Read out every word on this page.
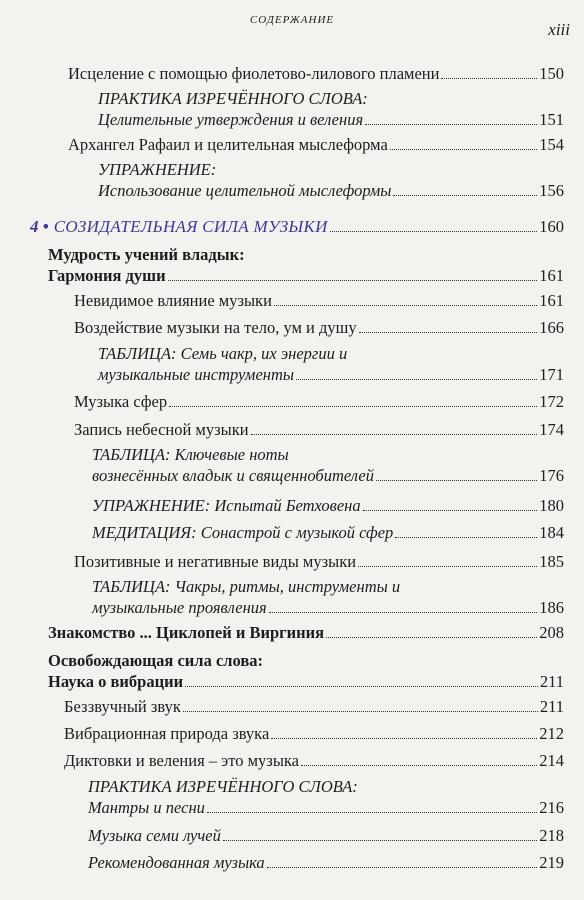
СОДЕРЖАНИЕ	xiii
Исцеление с помощью фиолетово-лилового пламени	150
ПРАКТИКА ИЗРЕЧЁННОГО СЛОВА:
Целительные утверждения и веления	151
Архангел Рафаил и целительная мыслеформа	154
УПРАЖНЕНИЕ:
Использование целительной мыслеформы	156
4 • СОЗИДАТЕЛЬНАЯ СИЛА МУЗЫКИ	160
Мудрость учений владык:
Гармония души	161
Невидимое влияние музыки	161
Воздействие музыки на тело, ум и душу	166
ТАБЛИЦА: Семь чакр, их энергии и
музыкальные инструменты	171
Музыка сфер	172
Запись небесной музыки	174
ТАБЛИЦА: Ключевые ноты
вознесённых владык и священнобителей	176
УПРАЖНЕНИЕ: Испытай Бетховена	180
МЕДИТАЦИЯ: Сонастрой с музыкой сфер	184
Позитивные и негативные виды музыки	185
ТАБЛИЦА: Чакры, ритмы, инструменты и
музыкальные проявления	186
Знакомство ... Циклопей и Виргиния	208
Освобождающая сила слова:
Наука о вибрации	211
Беззвучный звук	211
Вибрационная природа звука	212
Диктовки и веления – это музыка	214
ПРАКТИКА ИЗРЕЧЁННОГО СЛОВА:
Мантры и песни	216
Музыка семи лучей	218
Рекомендованная музыка	219
